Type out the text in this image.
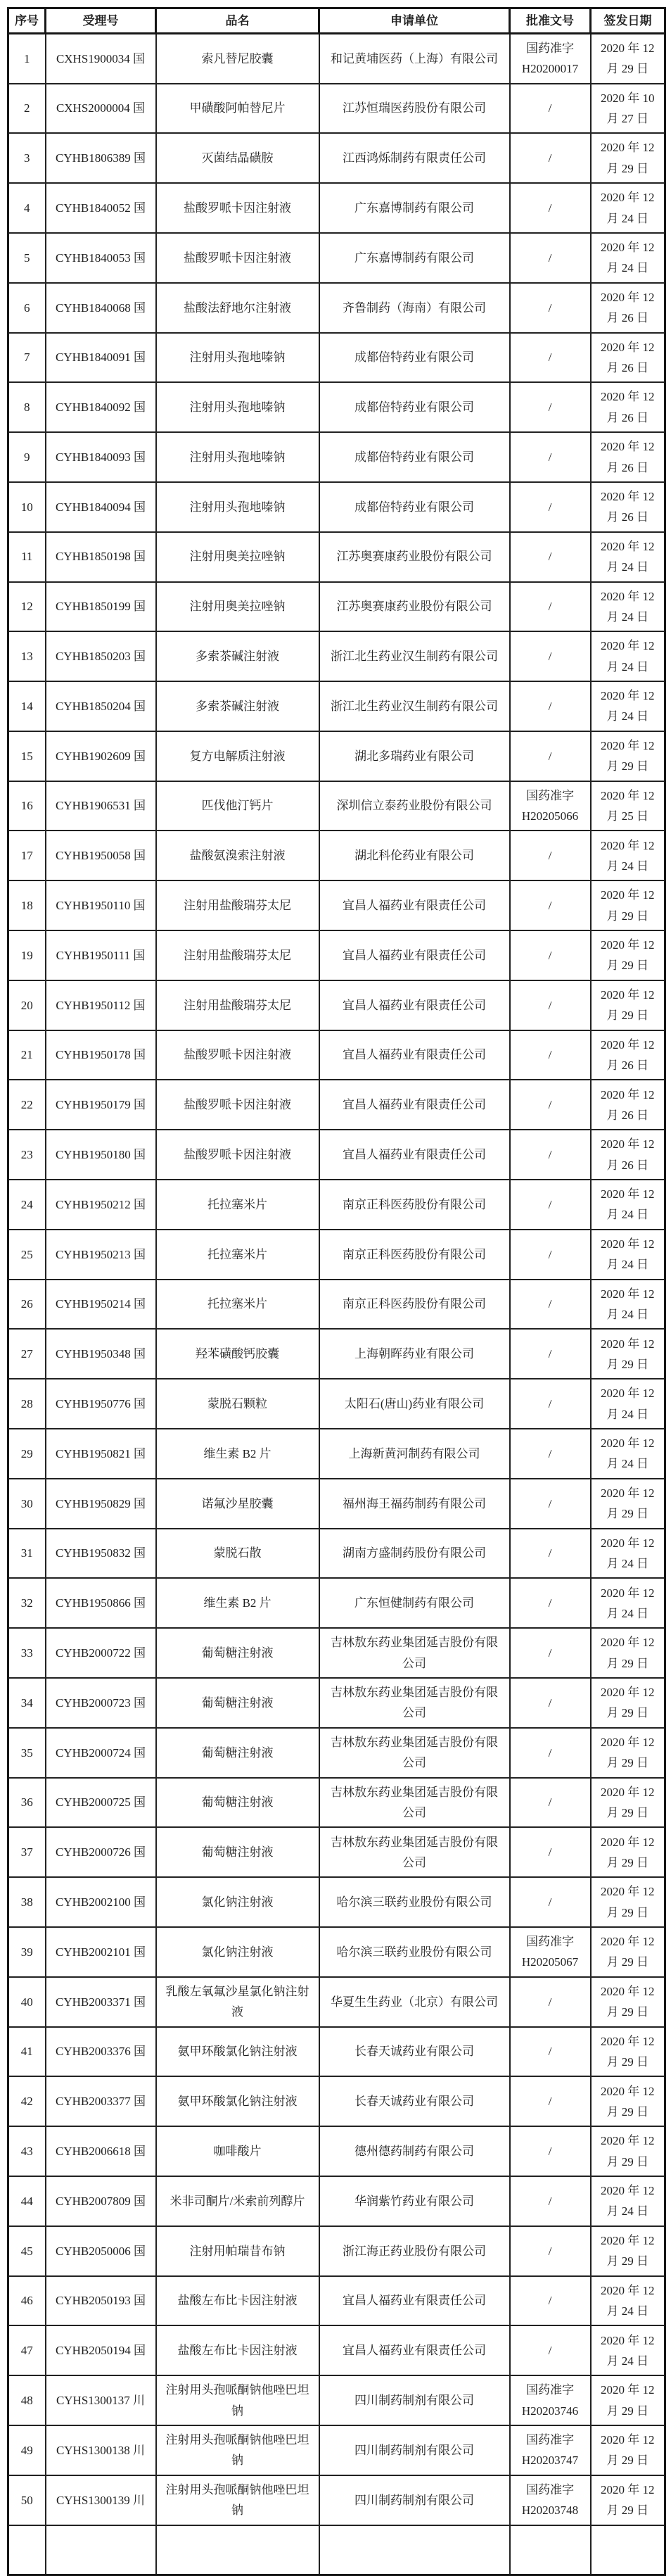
序号	受理号	品名	申请单位	批准文号	签发日期
1	CXHS1900034 国	索凡替尼胶囊	和记黄埔医药（上海）有限公司	国药准字
H20200017	2020 年 12
月 29 日
2	CXHS2000004 国	甲磺酸阿帕替尼片	江苏恒瑞医药股份有限公司	/	2020 年 10
月 27 日
3	CYHB1806389 国	灭菌结晶磺胺	江西鸿烁制药有限责任公司	/	2020 年 12
月 29 日
4	CYHB1840052 国	盐酸罗哌卡因注射液	广东嘉博制药有限公司	/	2020 年 12
月 24 日
5	CYHB1840053 国	盐酸罗哌卡因注射液	广东嘉博制药有限公司	/	2020 年 12
月 24 日
6	CYHB1840068 国	盐酸法舒地尔注射液	齐鲁制药（海南）有限公司	/	2020 年 12
月 26 日
7	CYHB1840091 国	注射用头孢地嗪钠	成都倍特药业有限公司	/	2020 年 12
月 26 日
8	CYHB1840092 国	注射用头孢地嗪钠	成都倍特药业有限公司	/	2020 年 12
月 26 日
9	CYHB1840093 国	注射用头孢地嗪钠	成都倍特药业有限公司	/	2020 年 12
月 26 日
10	CYHB1840094 国	注射用头孢地嗪钠	成都倍特药业有限公司	/	2020 年 12
月 26 日
11	CYHB1850198 国	注射用奥美拉唑钠	江苏奥赛康药业股份有限公司	/	2020 年 12
月 24 日
12	CYHB1850199 国	注射用奥美拉唑钠	江苏奥赛康药业股份有限公司	/	2020 年 12
月 24 日
13	CYHB1850203 国	多索茶碱注射液	浙江北生药业汉生制药有限公司	/	2020 年 12
月 24 日
14	CYHB1850204 国	多索茶碱注射液	浙江北生药业汉生制药有限公司	/	2020 年 12
月 24 日
15	CYHB1902609 国	复方电解质注射液	湖北多瑞药业有限公司	/	2020 年 12
月 29 日
16	CYHB1906531 国	匹伐他汀钙片	深圳信立泰药业股份有限公司	国药准字
H20205066	2020 年 12
月 25 日
17	CYHB1950058 国	盐酸氨溴索注射液	湖北科伦药业有限公司	/	2020 年 12
月 24 日
18	CYHB1950110 国	注射用盐酸瑞芬太尼	宜昌人福药业有限责任公司	/	2020 年 12
月 29 日
19	CYHB1950111 国	注射用盐酸瑞芬太尼	宜昌人福药业有限责任公司	/	2020 年 12
月 29 日
20	CYHB1950112 国	注射用盐酸瑞芬太尼	宜昌人福药业有限责任公司	/	2020 年 12
月 29 日
21	CYHB1950178 国	盐酸罗哌卡因注射液	宜昌人福药业有限责任公司	/	2020 年 12
月 26 日
22	CYHB1950179 国	盐酸罗哌卡因注射液	宜昌人福药业有限责任公司	/	2020 年 12
月 26 日
23	CYHB1950180 国	盐酸罗哌卡因注射液	宜昌人福药业有限责任公司	/	2020 年 12
月 26 日
24	CYHB1950212 国	托拉塞米片	南京正科医药股份有限公司	/	2020 年 12
月 24 日
25	CYHB1950213 国	托拉塞米片	南京正科医药股份有限公司	/	2020 年 12
月 24 日
26	CYHB1950214 国	托拉塞米片	南京正科医药股份有限公司	/	2020 年 12
月 24 日
27	CYHB1950348 国	羟苯磺酸钙胶囊	上海朝晖药业有限公司	/	2020 年 12
月 29 日
28	CYHB1950776 国	蒙脱石颗粒	太阳石(唐山)药业有限公司	/	2020 年 12
月 24 日
29	CYHB1950821 国	维生素 B2 片	上海新黄河制药有限公司	/	2020 年 12
月 24 日
30	CYHB1950829 国	诺氟沙星胶囊	福州海王福药制药有限公司	/	2020 年 12
月 29 日
31	CYHB1950832 国	蒙脱石散	湖南方盛制药股份有限公司	/	2020 年 12
月 24 日
32	CYHB1950866 国	维生素 B2 片	广东恒健制药有限公司	/	2020 年 12
月 24 日
33	CYHB2000722 国	葡萄糖注射液	吉林敖东药业集团延吉股份有限公司	/	2020 年 12
月 29 日
34	CYHB2000723 国	葡萄糖注射液	吉林敖东药业集团延吉股份有限公司	/	2020 年 12
月 29 日
35	CYHB2000724 国	葡萄糖注射液	吉林敖东药业集团延吉股份有限公司	/	2020 年 12
月 29 日
36	CYHB2000725 国	葡萄糖注射液	吉林敖东药业集团延吉股份有限公司	/	2020 年 12
月 29 日
37	CYHB2000726 国	葡萄糖注射液	吉林敖东药业集团延吉股份有限公司	/	2020 年 12
月 29 日
38	CYHB2002100 国	氯化钠注射液	哈尔滨三联药业股份有限公司	/	2020 年 12
月 29 日
39	CYHB2002101 国	氯化钠注射液	哈尔滨三联药业股份有限公司	国药准字
H20205067	2020 年 12
月 29 日
40	CYHB2003371 国	乳酸左氧氟沙星氯化钠注射液	华夏生生药业（北京）有限公司	/	2020 年 12
月 29 日
41	CYHB2003376 国	氨甲环酸氯化钠注射液	长春天诚药业有限公司	/	2020 年 12
月 29 日
42	CYHB2003377 国	氨甲环酸氯化钠注射液	长春天诚药业有限公司	/	2020 年 12
月 29 日
43	CYHB2006618 国	咖啡酸片	德州德药制药有限公司	/	2020 年 12
月 29 日
44	CYHB2007809 国	米非司酮片/米索前列醇片	华润紫竹药业有限公司	/	2020 年 12
月 24 日
45	CYHB2050006 国	注射用帕瑞昔布钠	浙江海正药业股份有限公司	/	2020 年 12
月 29 日
46	CYHB2050193 国	盐酸左布比卡因注射液	宜昌人福药业有限责任公司	/	2020 年 12
月 24 日
47	CYHB2050194 国	盐酸左布比卡因注射液	宜昌人福药业有限责任公司	/	2020 年 12
月 24 日
48	CYHS1300137 川	注射用头孢哌酮钠他唑巴坦钠	四川制药制剂有限公司	国药准字
H20203746	2020 年 12
月 29 日
49	CYHS1300138 川	注射用头孢哌酮钠他唑巴坦钠	四川制药制剂有限公司	国药准字
H20203747	2020 年 12
月 29 日
50	CYHS1300139 川	注射用头孢哌酮钠他唑巴坦钠	四川制药制剂有限公司	国药准字
H20203748	2020 年 12
月 29 日
